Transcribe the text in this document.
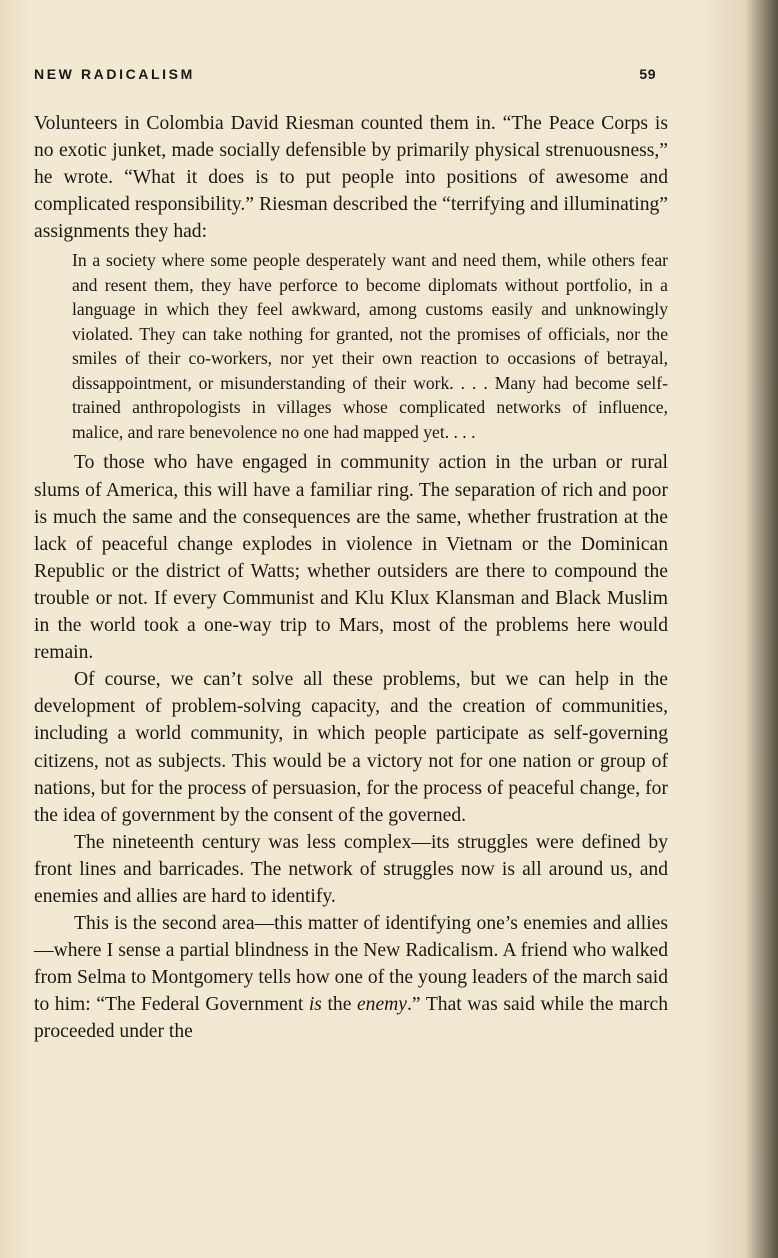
NEW RADICALISM	59

Volunteers in Colombia David Riesman counted them in. “The Peace Corps is no exotic junket, made socially defensible by primarily physical strenuousness,” he wrote. “What it does is to put people into positions of awesome and complicated responsibility.” Riesman described the “terrifying and illuminating” assignments they had:

In a society where some people desperately want and need them, while others fear and resent them, they have perforce to become diplomats without portfolio, in a language in which they feel awkward, among customs easily and unknowingly violated. They can take nothing for granted, not the promises of officials, nor the smiles of their co-workers, nor yet their own reaction to occasions of betrayal, dissappointment, or misunderstanding of their work. . . . Many had become self-trained anthropologists in villages whose complicated networks of influence, malice, and rare benevolence no one had mapped yet. . . .

To those who have engaged in community action in the urban or rural slums of America, this will have a familiar ring. The separation of rich and poor is much the same and the consequences are the same, whether frustration at the lack of peaceful change explodes in violence in Vietnam or the Dominican Republic or the district of Watts; whether outsiders are there to compound the trouble or not. If every Communist and Klu Klux Klansman and Black Muslim in the world took a one-way trip to Mars, most of the problems here would remain.

Of course, we can’t solve all these problems, but we can help in the development of problem-solving capacity, and the creation of communities, including a world community, in which people participate as self-governing citizens, not as subjects. This would be a victory not for one nation or group of nations, but for the process of persuasion, for the process of peaceful change, for the idea of government by the consent of the governed.

The nineteenth century was less complex—its struggles were defined by front lines and barricades. The network of struggles now is all around us, and enemies and allies are hard to identify.

This is the second area—this matter of identifying one’s enemies and allies—where I sense a partial blindness in the New Radicalism. A friend who walked from Selma to Montgomery tells how one of the young leaders of the march said to him: “The Federal Government is the enemy.” That was said while the march proceeded under the
